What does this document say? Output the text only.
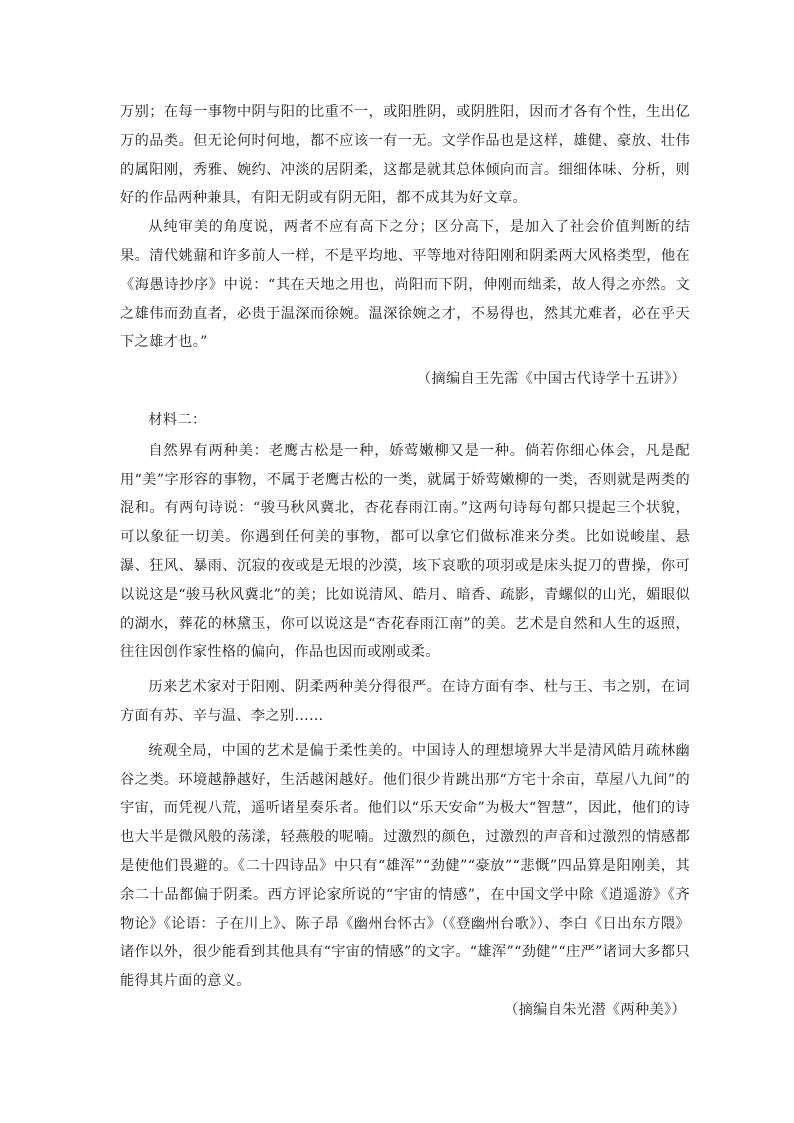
万别；在每一事物中阴与阳的比重不一，或阳胜阴，或阴胜阳，因而才各有个性，生出亿万的品类。但无论何时何地，都不应该一有一无。文学作品也是这样，雄健、豪放、壮伟的属阳刚，秀雅、婉约、冲淡的居阴柔，这都是就其总体倾向而言。细细体味、分析，则好的作品两种兼具，有阳无阴或有阴无阳，都不成其为好文章。

从纯审美的角度说，两者不应有高下之分；区分高下，是加入了社会价值判断的结果。清代姚鼐和许多前人一样，不是平均地、平等地对待阳刚和阴柔两大风格类型，他在《海愚诗抄序》中说：“其在天地之用也，尚阳而下阴，伸刚而绌柔，故人得之亦然。文之雄伟而劲直者，必贵于温深而徐婉。温深徐婉之才，不易得也，然其尤难者，必在乎天下之雄才也。”

（摘编自王先霈《中国古代诗学十五讲》）

材料二：

自然界有两种美：老鹰古松是一种，娇莺嫩柳又是一种。倘若你细心体会，凡是配用“美”字形容的事物，不属于老鹰古松的一类，就属于娇莺嫩柳的一类，否则就是两类的混和。有两句诗说：“骏马秋风冀北，杏花春雨江南。”这两句诗每句都只提起三个状貌，可以象征一切美。你遇到任何美的事物，都可以拿它们做标准来分类。比如说峻崖、悬瀑、狂风、暴雨、沉寂的夜或是无垠的沙漠，垓下哀歌的项羽或是床头捉刀的曹操，你可以说这是“骏马秋风冀北”的美；比如说清风、皓月、暗香、疏影，青螺似的山光，媚眼似的湖水，葬花的林黛玉，你可以说这是“杏花春雨江南”的美。艺术是自然和人生的返照，往往因创作家性格的偏向，作品也因而或刚或柔。

历来艺术家对于阳刚、阴柔两种美分得很严。在诗方面有李、杜与王、韦之别，在词方面有苏、辛与温、李之别……

统观全局，中国的艺术是偏于柔性美的。中国诗人的理想境界大半是清风皓月疏林幽谷之类。环境越静越好，生活越闲越好。他们很少肯跳出那“方宅十余亩，草屋八九间”的宇宙，而凭视八荒，遥听诸星奏乐者。他们以“乐天安命”为极大“智慧”，因此，他们的诗也大半是微风般的荡漾，轻燕般的呢喃。过激烈的颜色，过激烈的声音和过激烈的情感都是使他们畏避的。《二十四诗品》中只有“雄浑”“劲健”“豪放”“悲慨”四品算是阳刚美，其余二十品都偏于阴柔。西方评论家所说的“宇宙的情感”，在中国文学中除《逍遥游》《齐物论》《论语：子在川上》、陈子昂《幽州台怀古》（《登幽州台歌》）、李白《日出东方隈》诸作以外，很少能看到其他具有“宇宙的情感”的文字。“雄浑”“劲健”“庄严”诸词大多都只能得其片面的意义。

（摘编自朱光潜《两种美》）
